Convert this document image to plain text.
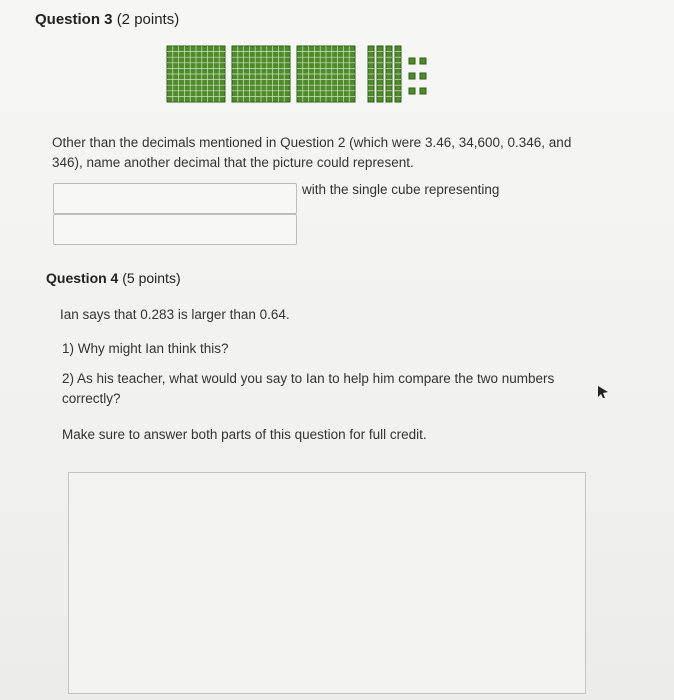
Question 3 (2 points)
Other than the decimals mentioned in Question 2 (which were 3.46, 34,600, 0.346, and 346), name another decimal that the picture could represent.
with the single cube representing
Question 4 (5 points)
Ian says that 0.283 is larger than 0.64.
1) Why might Ian think this?
2) As his teacher, what would you say to Ian to help him compare the two numbers correctly?
Make sure to answer both parts of this question for full credit.
